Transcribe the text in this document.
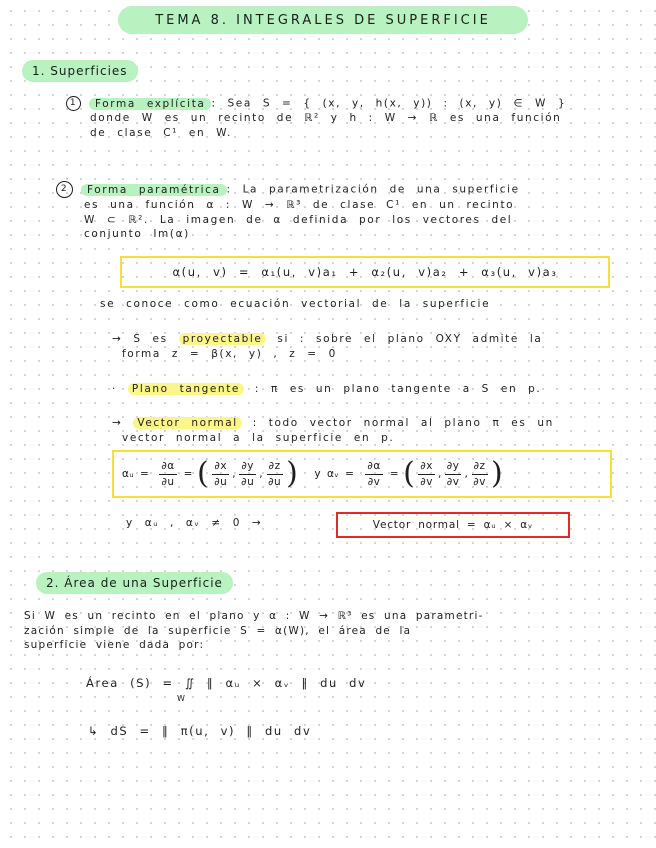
TEMA 8. INTEGRALES DE SUPERFICIE
1. Superficies
1 Forma explícita : Sea S = { (x, y, h(x, y)) : (x, y) ∈ W }
donde W es un recinto de ℝ² y h : W → ℝ es una función
de clase C¹ en W.
2 Forma paramétrica : La parametrización de una superficie
es una función α : W → ℝ³ de clase C¹ en un recinto
W ⊂ ℝ². La imagen de α definida por los vectores del
conjunto Im(α)
α(u, v) = α₁(u, v)a₁ + α₂(u, v)a₂ + α₃(u, v)a₃
se conoce como ecuación vectorial de la superficie
→ S es proyectable si : sobre el plano OXY admite la
forma z = β(x, y) , z = 0
· Plano tangente : π es un plano tangente a S en p.
→ Vector normal : todo vector normal al plano π es un
vector normal a la superficie en p.
αᵤ = $\frac{\partial\alpha}{\partial u}$ = ( $\frac{\partial x}{\partial u}$ , $\frac{\partial y}{\partial u}$ , $\frac{\partial z}{\partial u}$ ) y αᵥ = $\frac{\partial\alpha}{\partial v}$ = ( $\frac{\partial x}{\partial v}$ , $\frac{\partial y}{\partial v}$ , $\frac{\partial z}{\partial v}$ )
y αᵤ , αᵥ ≠ 0 →	Vector normal = αᵤ × αᵥ
2. Área de una Superficie
Si W es un recinto en el plano y α : W → ℝ³ es una parametri-
zación simple de la superficie S = α(W), el área de la
superficie viene dada por:
Área (S) = ∬ ‖ αᵤ × αᵥ ‖ du dv
W
↳ dS = ‖ π(u, v) ‖ du dv
